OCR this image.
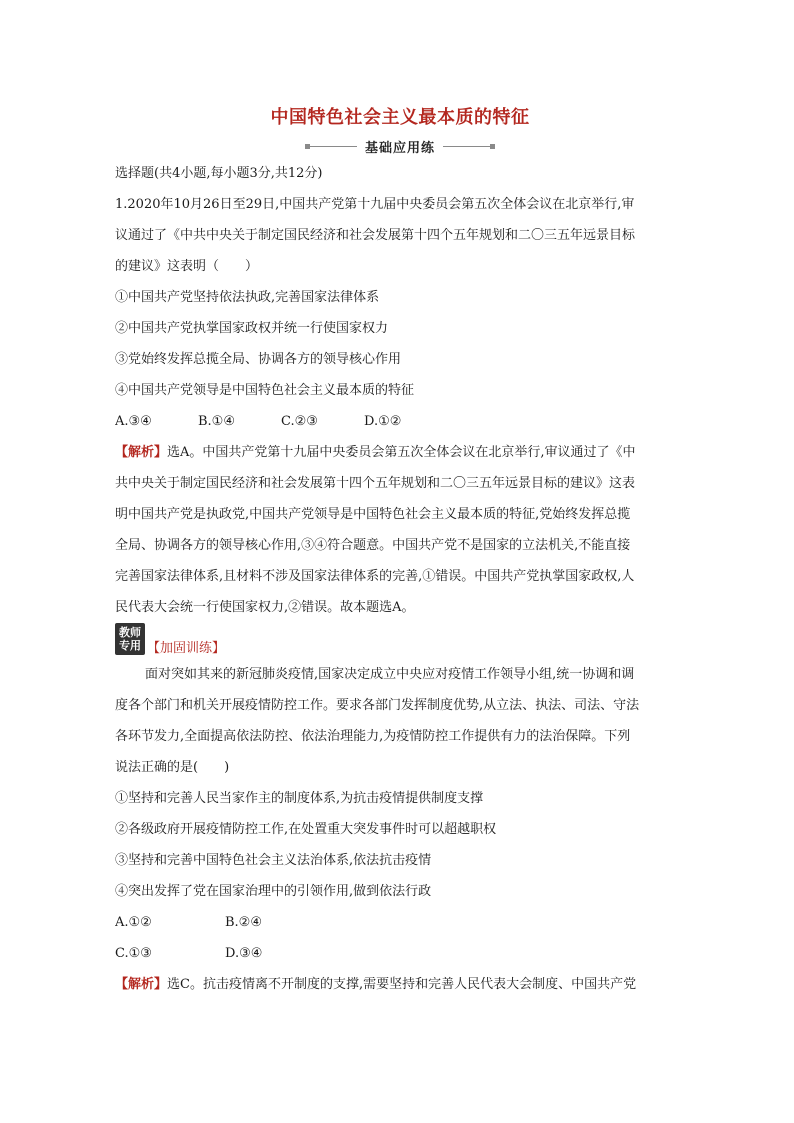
中国特色社会主义最本质的特征
基础应用练
选择题(共4小题,每小题3分,共12分)
1.2020年10月26日至29日,中国共产党第十九届中央委员会第五次全体会议在北京举行,审
议通过了《中共中央关于制定国民经济和社会发展第十四个五年规划和二〇三五年远景目标
的建议》这表明（　　）
①中国共产党坚持依法执政,完善国家法律体系
②中国共产党执掌国家政权并统一行使国家权力
③党始终发挥总揽全局、协调各方的领导核心作用
④中国共产党领导是中国特色社会主义最本质的特征
A.③④	B.①④	C.②③	D.①②
【解析】选A。中国共产党第十九届中央委员会第五次全体会议在北京举行,审议通过了《中
共中央关于制定国民经济和社会发展第十四个五年规划和二〇三五年远景目标的建议》这表
明中国共产党是执政党,中国共产党领导是中国特色社会主义最本质的特征,党始终发挥总揽
全局、协调各方的领导核心作用,③④符合题意。中国共产党不是国家的立法机关,不能直接
完善国家法律体系,且材料不涉及国家法律体系的完善,①错误。中国共产党执掌国家政权,人
民代表大会统一行使国家权力,②错误。故本题选A。
教师
专用 【加固训练】
面对突如其来的新冠肺炎疫情,国家决定成立中央应对疫情工作领导小组,统一协调和调
度各个部门和机关开展疫情防控工作。要求各部门发挥制度优势,从立法、执法、司法、守法
各环节发力,全面提高依法防控、依法治理能力,为疫情防控工作提供有力的法治保障。下列
说法正确的是(　　)
①坚持和完善人民当家作主的制度体系,为抗击疫情提供制度支撑
②各级政府开展疫情防控工作,在处置重大突发事件时可以超越职权
③坚持和完善中国特色社会主义法治体系,依法抗击疫情
④突出发挥了党在国家治理中的引领作用,做到依法行政
A.①②	B.②④
C.①③	D.③④
【解析】选C。抗击疫情离不开制度的支撑,需要坚持和完善人民代表大会制度、中国共产党
